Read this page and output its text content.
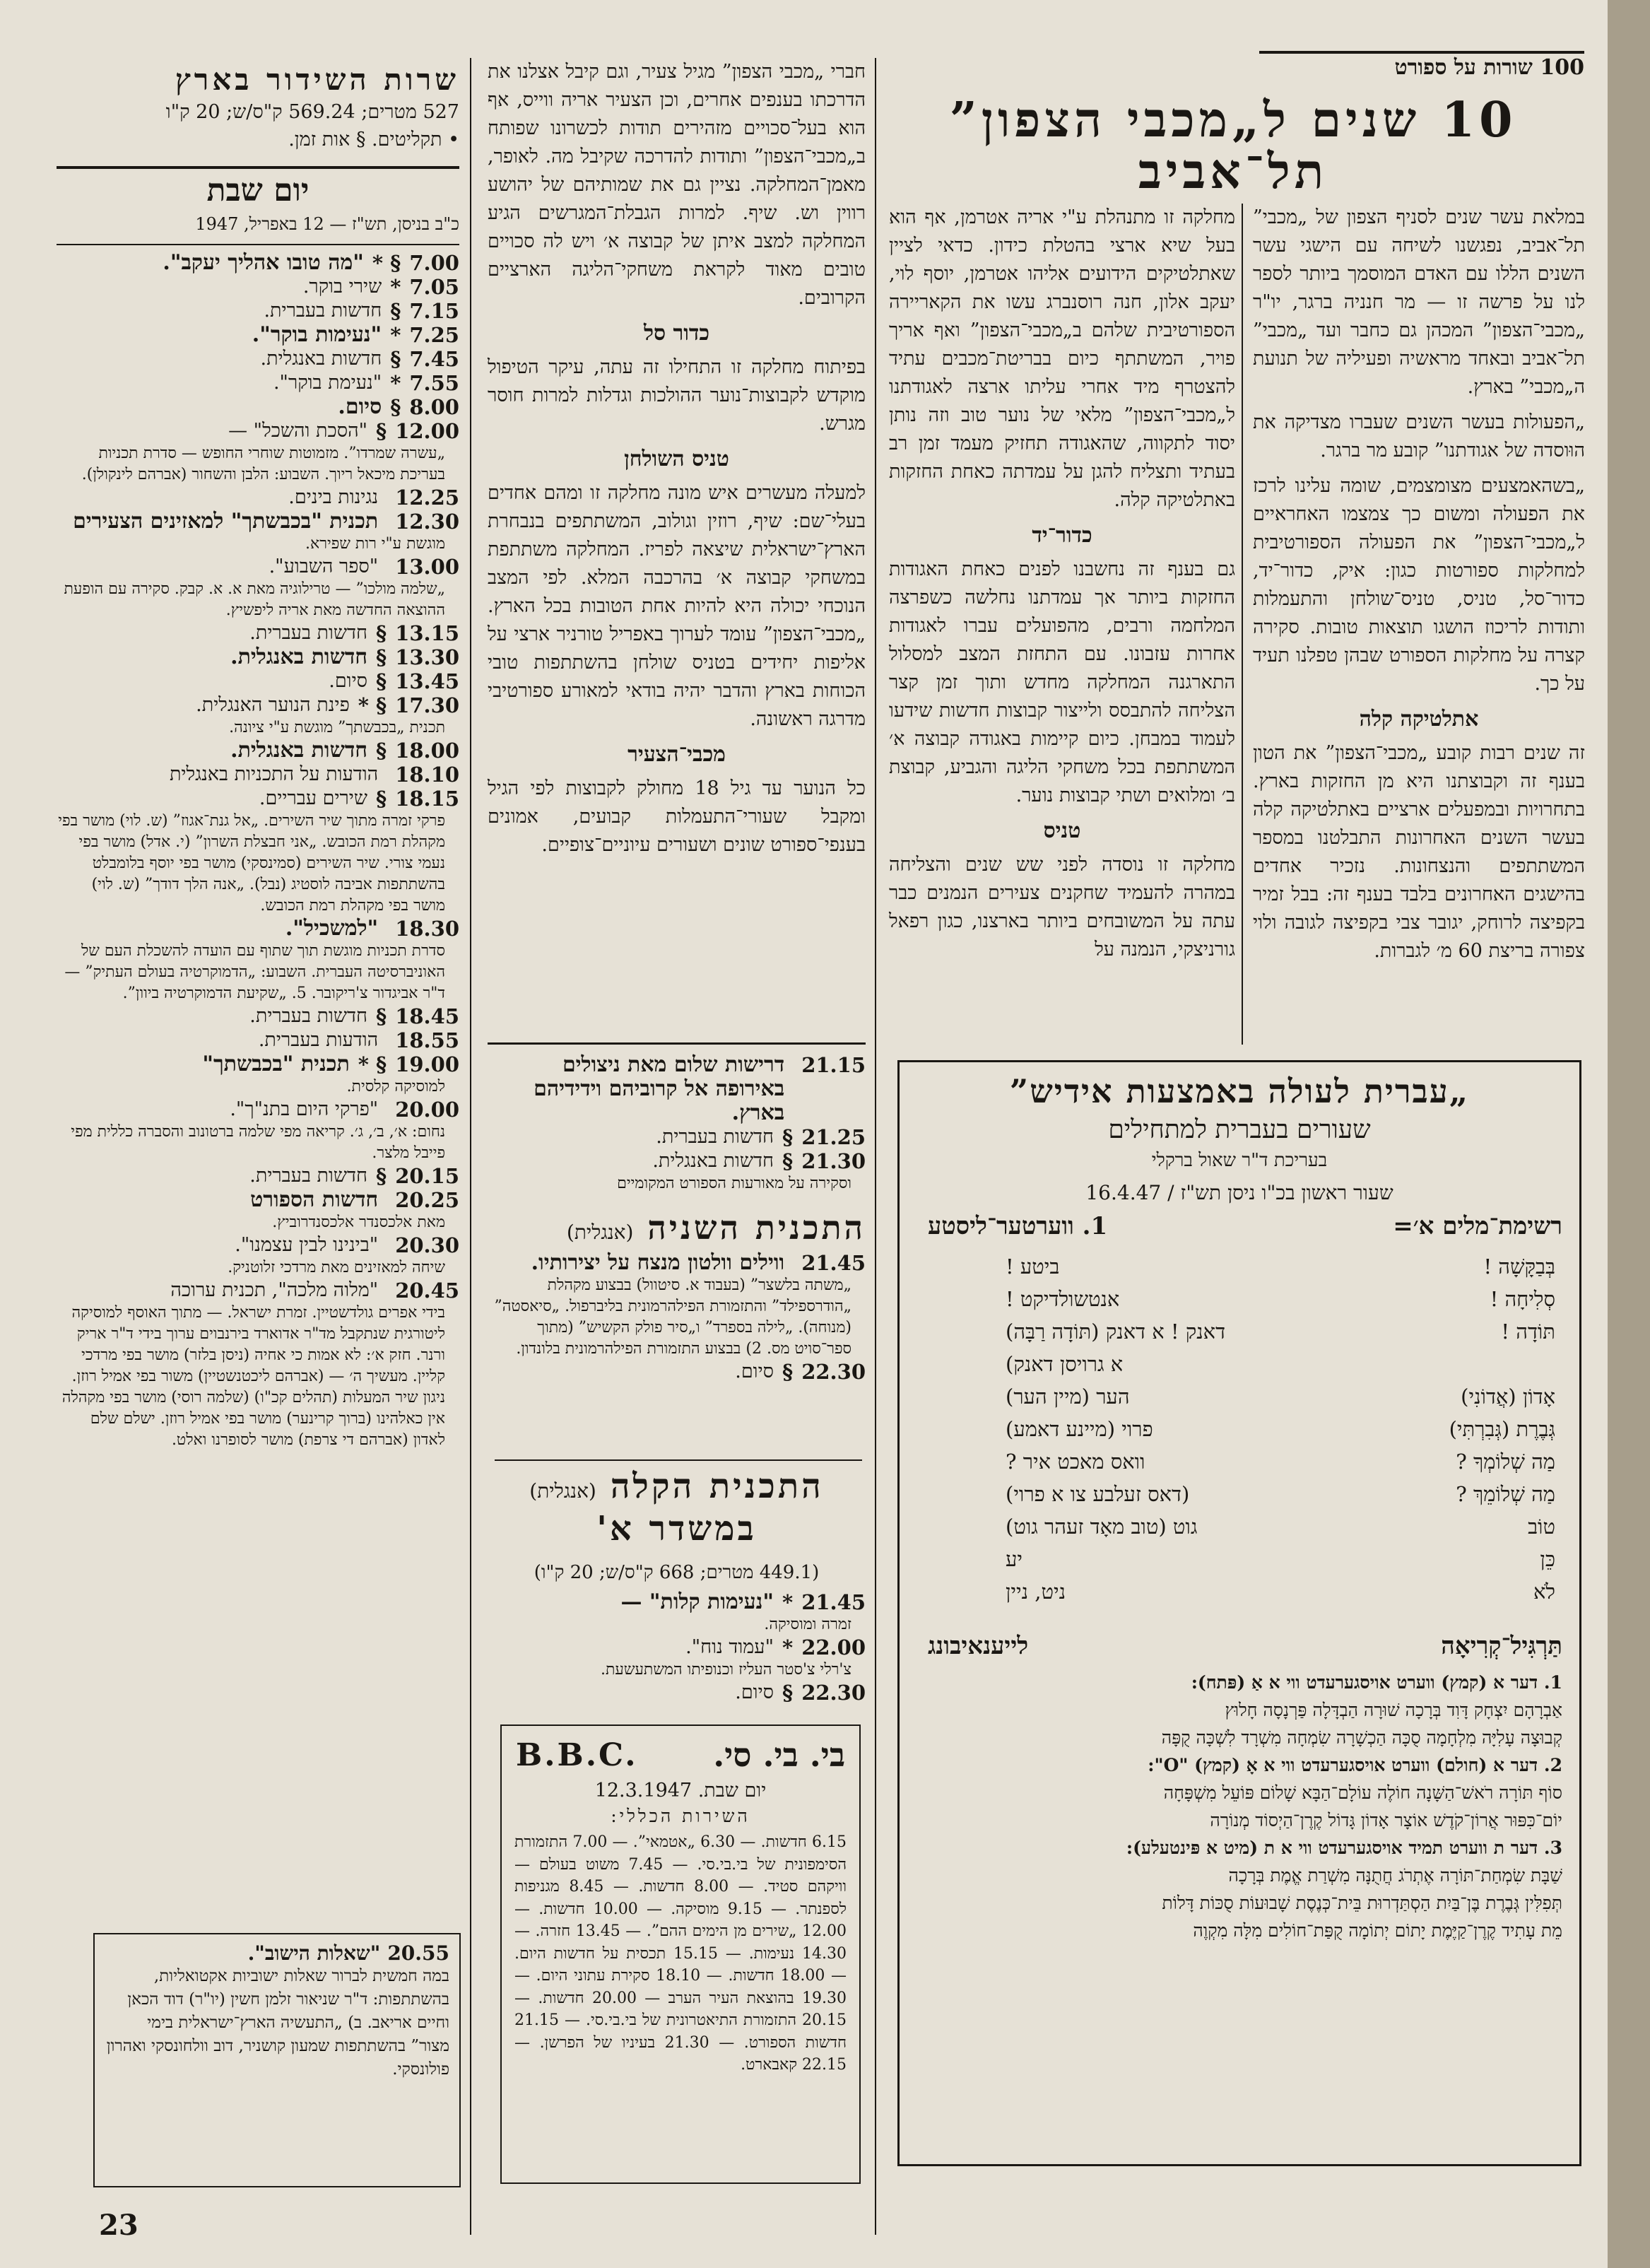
100 שורות על ספורט
10 שנים ל„מכבי הצפון”
תל־אביב

במלאת עשר שנים לסניף הצפון של „מכבי” תל־אביב, נפגשנו לשיחה עם הישגי עשר השנים הללו עם האדם המוסמך ביותר לספר לנו על פרשה זו — מר חנניה ברגר, יו"ר „מכבי־הצפון” המכהן גם כחבר ועד „מכבי” תל־אביב ובאחד מראשיה ופעיליה של תנועת ה„מכבי” בארץ.

„הפעולות בעשר השנים שעברו מצדיקה את הוּוסדה של אגודתנו” קובע מר ברגר.

„בשהאמצעים מצומצמים, שומה עלינו לרכז את הפעולה ומשום כך צמצמו האחראיים ל„מכבי־הצפון” את הפעולה הספורטיבית למחלקות ספורטות כגון: איק, כדור־יד, כדור־סל, טניס, טניס־שולחן והתעמלות ותודות לריכוז הושגו תוצאות טובות. סקירה קצרה על מחלקות הספורט שבהן טפלנו תעיד על כך.

אתלטיקה קלה

זה שנים רבות קובע „מכבי־הצפון” את הטון בענף זה וקבוצתנו היא מן החזקות בארץ. בתחרויות ובמפעלים ארציים באתלטיקה קלה בעשר השנים האחרונות התבלטנו במספר המשתתפים והנצחונות. נזכיר אחדים בהישגים האחרונים בלבד בענף זה: בבל זמיר בקפיצה לרוחק, יגובר צבי בקפיצה לגובה ולוי צפורה בריצת 60 מ׳ לגברות.

מחלקה זו מתנהלת ע"י אריה אטרמן, אף הוא בעל שיא ארצי בהטלת כידון. כדאי לציין שאתלטיקים הידועים אליהו אטרמן, יוסף לוי, יעקב אלון, חנה רוסנברג עשו את הקאריירה הספורטיבית שלהם ב„מכבי־הצפון” ואף אריך פויר, המשתתף כיום בבריטת־מכבים עתיד להצטרף מיד אחרי עליתו ארצה לאגודתנו ל„מכבי־הצפון” מלאי של נוער טוב וזה נותן יסוד לתקווה, שהאגודה תחזיק מעמד זמן רב בעתיד ותצליח להגן על עמדתה כאחת החזקות באתלטיקה קלה.

כדור־יד

גם בענף זה נחשבנו לפנים כאחת האגודות החזקות ביותר אך עמדתנו נחלשה כשפרצה המלחמה ורבים, מהפועלים עברו לאגודות אחרות עזבונו. עם התחזת המצב למסלול התארגנה המחלקה מחדש ותוך זמן קצר הצליחה להתבסס ולייצור קבוצות חדשות שידעו לעמוד במבחן. כיום קיימות באגודה קבוצה א׳ המשתתפת בכל משחקי הליגה והגביע, קבוצת ב׳ ומלואים ושתי קבוצות נוער.

טניס

מחלקה זו נוסדה לפני שש שנים והצליחה במהרה להעמיד שחקנים צעירים הנמנים כבר עתה על המשובחים ביותר בארצנו, כגון רפאל גורניצקי, הנמנה על

חברי „מכבי הצפון” מגיל צעיר, וגם קיבל אצלנו את הדרכתו בענפים אחרים, וכן הצעיר אריה ווייס, אף הוא בעל־סכויים מזהירים תודות לכשרונו שפותח ב„מכבי־הצפון” ותודות להדרכה שקיבל מה. לאופר, מאמן־המחלקה. נציין גם את שמותיהם של יהושע רווין וש. שיף. למרות הגבלת־המגרשים הגיע המחלקה למצב איתן של קבוצה א׳ ויש לה סכויים טובים מאוד לקראת משחקי־הליגה הארציים הקרובים.

כדור סל

בפיתוח מחלקה זו התחילו זה עתה, עיקר הטיפול מוקדש לקבוצות־נוער ההולכות וגדלות למרות חוסר מגרש.

טניס השולחן

למעלה מעשרים איש מונה מחלקה זו ומהם אחדים בעלי־שם: שיף, רוזין וגולוב, המשתתפים בנבחרת הארץ־ישראלית שיצאה לפריז. המחלקה משתתפת במשחקי קבוצה א׳ בהרכבה המלא. לפי המצב הנוכחי יכולה היא להיות אחת הטובות בכל הארץ. „מכבי־הצפון” עומד לערוך באפריל טורניר ארצי על אליפות יחידים בטניס שולחן בהשתתפות טובי הכוחות בארץ והדבר יהיה בודאי למאורע ספורטיבי מדרגה ראשונה.

מכבי־הצעיר

כל הנוער עד גיל 18 מחולק לקבוצות לפי הגיל ומקבל שעורי־התעמלות קבועים, אמונים בענפי־ספורט שונים ושעורים עיוניים־צופיים.

שרות השידור בארץ
527 מטרים; 569.24 ק"ס/ש; 20 ק"ו
• תקליטים. § אות זמן.
יום שבת
כ"ב בניסן, תש"ז — 12 באפריל, 1947
7.00
§ *
"מה טובו אהליך יעקב".
7.05
*
שירי בוקר.
7.15
§
חדשות בעברית.
7.25
*
"נעימות בוקר".
7.45
§
חדשות באנגלית.
7.55
*
"נעימת בוקר".
8.00
§
סיום.
12.00
§
"הסכת והשכל" —
„עשרה שמרדו”. מזמוטות שוחרי החופש — סדרת תכניות בעריכת מיכאל ריוך. השבוע: הלבן והשחור (אברהם לינקולן).
12.25
נגינות בינים.
12.30
תכנית "בכבשתך" למאזינים הצעירים
מוגשת ע"י רות שפירא.
13.00
"ספר השבוע".
„שלמה מולכו” — טרילוגיה מאת א. א. קבק. סקירה עם הופעת ההוצאה החדשה מאת אריה ליפשיץ.
13.15
§
חדשות בעברית.
13.30
§
חדשות באנגלית.
13.45
§
סיום.
17.30
§ *
פינת הנוער האנגלית.
תכנית „בכבשתך” מוגשת ע"י ציונה.
18.00
§
חדשות באנגלית.
18.10
הודעות על התכניות באנגלית
18.15
§
שירים עבריים.
פרקי זמרה מתוך שיר השירים. „אל גנת־אגוז” (ש. לוי) מושר בפי מקהלת רמת הכובש. „אני חבצלת השרון” (י. אדל) מושר בפי נעמי צורי. שיר השירים (סמינסקי) מושר בפי יוסף בלומבלט בהשתתפות אביבה לוסטיג (נבל). „אנה הלך דודך” (ש. לוי) מושר בפי מקהלת רמת הכובש.
18.30
"למשכיל".
סדרת תכניות מוגשת תוך שתוף עם הועדה להשכלת העם של האוניברסיטה העברית. השבוע: „הדמוקרטיה בעולם העתיק” — ד"ר אביגדור צ'ריקובר. 5. „שקיעת הדמוקרטיה ביוון”.
18.45
§
חדשות בעברית.
18.55
הודעות בעברית.
19.00
§ *
תכנית "בכבשתך"
למוסיקה קלסית.
20.00
"פרקי היום בתנ"ך".
נחום: א׳, ב׳, ג׳. קריאה מפי שלמה ברטונוב והסברה כללית מפי פייבל מלצר.
20.15
§
חדשות בעברית.
20.25
חדשות הספורט
מאת אלכסנדר אלכסנדרוביץ.
20.30
"בינינו לבין עצמנו".
שיחה למאזינים מאת מרדכי זלוטניק.
20.45
"מלוה מלכה", תכנית ערוכה
בידי אפרים גולדשטיין. זמרת ישראל. — מתוך האוסף למוסיקה ליטורגית שנתקבל מד"ר אדוארד בירנבוים ערוך בידי ד"ר אריק ורנר. חזק א׳: לא אמות כי אחיה (ניסן בלזר) מושר בפי מרדכי קליין. מעשיך ה׳ — (אברהם ליכטנשטיין) משור בפי אמיל רוזן. ניגון שיר המעלות (תהלים קכ"ו) (שלמה רוסי) מושר בפי מקהלה אין כאלהינו (ברוך קרינער) מושר בפי אמיל רוזן. ישלם שלם לאדון (אברהם די צרפת) מושר לסופרנו ואלט.
20.55
"שאלות הישוב".
במה חמשית לברור שאלות ישוביות אקטואליות, בהשתתפות: ד"ר שניאור זלמן חשין (יו"ר) דוד הכאן וחיים אריאב. ב) „התעשיה הארץ־ישראלית בימי מצור” בהשתתפות שמעון קושניר, דוב וולחונסקי ואהרון פולונסקי.
21.15
דרישות שלום מאת ניצולים באירופה אל קרוביהם וידידיהם בארץ.
21.25
§
חדשות בעברית.
21.30
§
חדשות באנגלית.
וסקירה על מאורעות הספורט המקומיים
התכנית השניה
(אנגלית)
21.45
ווילים וולטון מנצח על יצירותיו.
„משתה בלשצר” (בעבוד א. סיטוול) בבצוע מקהלת „הודרספילד” והתזמורת הפילהרמונית בליברפול. „סיאסטה” (מנוחה). „לילה בספרד” ו„סיר פולק הקשיש” (מתוך ספר־סויט מס. 2) בבצוע התזמורת הפילהרמונית בלונדון.
22.30
§
סיום.
התכנית הקלה
(אנגלית)
במשדר א'
(449.1 מטרים; 668 ק"ס/ש; 20 ק"ו)
21.45
*
"נעימות קלות" —
זמרה ומוסיקה.
22.00
*
"עמוד נוח".
צ'רלי צ'סטר העליז וכנופיתו המשתעשעת.
22.30
§
סיום.
B.B.C. בי. בי. סי.
יום שבת. 12.3.1947
השירות הכללי:
6.15 חדשות. — 6.30 „אטמאי”. — 7.00 התזמורת הסימפונית של בי.בי.סי. — 7.45 משוט בעולם — וויקהם סטיד. — 8.00 חדשות. — 8.45 מגניפות לספנתר. — 9.15 מוסיקה. — 10.00 חדשות. — 12.00 „שירים מן הימים ההם”. — 13.45 חזרה. — 14.30 נעימות. — 15.15 תכסית על חדשות היום. — 18.00 חדשות. — 18.10 סקירת עתוני היום. — 19.30 בהוצאת העיר הערב — 20.00 חדשות. — 20.15 התזמורת התיאטרונית של בי.בי.סי. — 21.15 חדשות הספורט. — 21.30 בעיניו של הפרשן. — 22.15 קאבארט.
„עברית לעולה באמצעות אידיש”
שעורים בעברית למתחילים
בעריכת ד"ר שאול ברקלי
שעור ראשון בכ"ו ניסן תש"ז / 16.4.47
רשימת־מלים א׳=
1. ווערטער־ליסטע
בְּבַקָּשָׁה !
ביטע !
סְלִיחָה !
אנטשולדיקט !
תּוֹדָה !
דאנק ! א דאנק (תּוֹדָה רַבָּה)
א גרויסן דאנק)
אָדוֹן (אֲדוֹנִי)
הער (מיין הער)
גְּבֶרֶת (גְּבִרְתִּי)
פרוי (מיינע דאמע)
מַה שְׁלוֹמְךָ ?
וואס מאכט איר ?
מַה שְׁלוֹמֵךְ ?
(דאס זעלבע צו א פרוי)
טוֹב
גוט (טוב מאָד זעהר גוט)
כֵּן
יע
לֹא
ניט, ניין
תַּרְגִּיל־קְרִיאָה
לייענאיבונג
1. דער א (קמץ) ווערט אויסגערעדט ווי א אַ (פּתח):
אַבְרָהָם יִצְחָק דָּוִד בְּרָכָה שׁוּרָה הַבְדָּלָה פַּרְנָסָה חָלוּץ
קְבוּצָה עָלִיָּה מִלְחָמָה סֻכָּה הַכְשָׁרָה שִׂמְחָה מִשְׁרָד לִשְׁכָּה קֻפָּה
2. דער א (חולם) ווערט אויסגערעדט ווי א אָ (קמץ) "O":
סוֹף תּוֹרָה רֹאשׁ־הַשָּׁנָה חוֹלֶה עוֹלָם־הַבָּא שָׁלוֹם פּוֹעֵל מִשְׁפָּחָה
יוֹם־כִּפּוּר אֲרוֹן־קֹדֶשׁ אוֹצָר אָדוֹן גָּדוֹל קֶרֶן־הַיְסוֹד מְנוֹרָה
3. דער ת ווערט תמיד אויסגערעדט ווי א ת (מיט א פּינטעלע):
שַׁבָּת שִׂמְחַת־תּוֹרָה אֶתְרֹג חֲתֻנָּה מִשְׁרַת אֱמֶת בְּרָכָה
תְּפִלִּין גְּבֶרֶת בֶּן־בַּיִת הַסְתַּדְרוּת בֵּית־כְּנֶסֶת שָׁבוּעוֹת סֻכּוֹת דָּלוֹת
מֵת עָתִיד קֶרֶן־קַיֶּמֶת יָתוֹם יְתוֹמָה קֻפַּת־חוֹלִים מִלָּה מִקְוֶה
23
